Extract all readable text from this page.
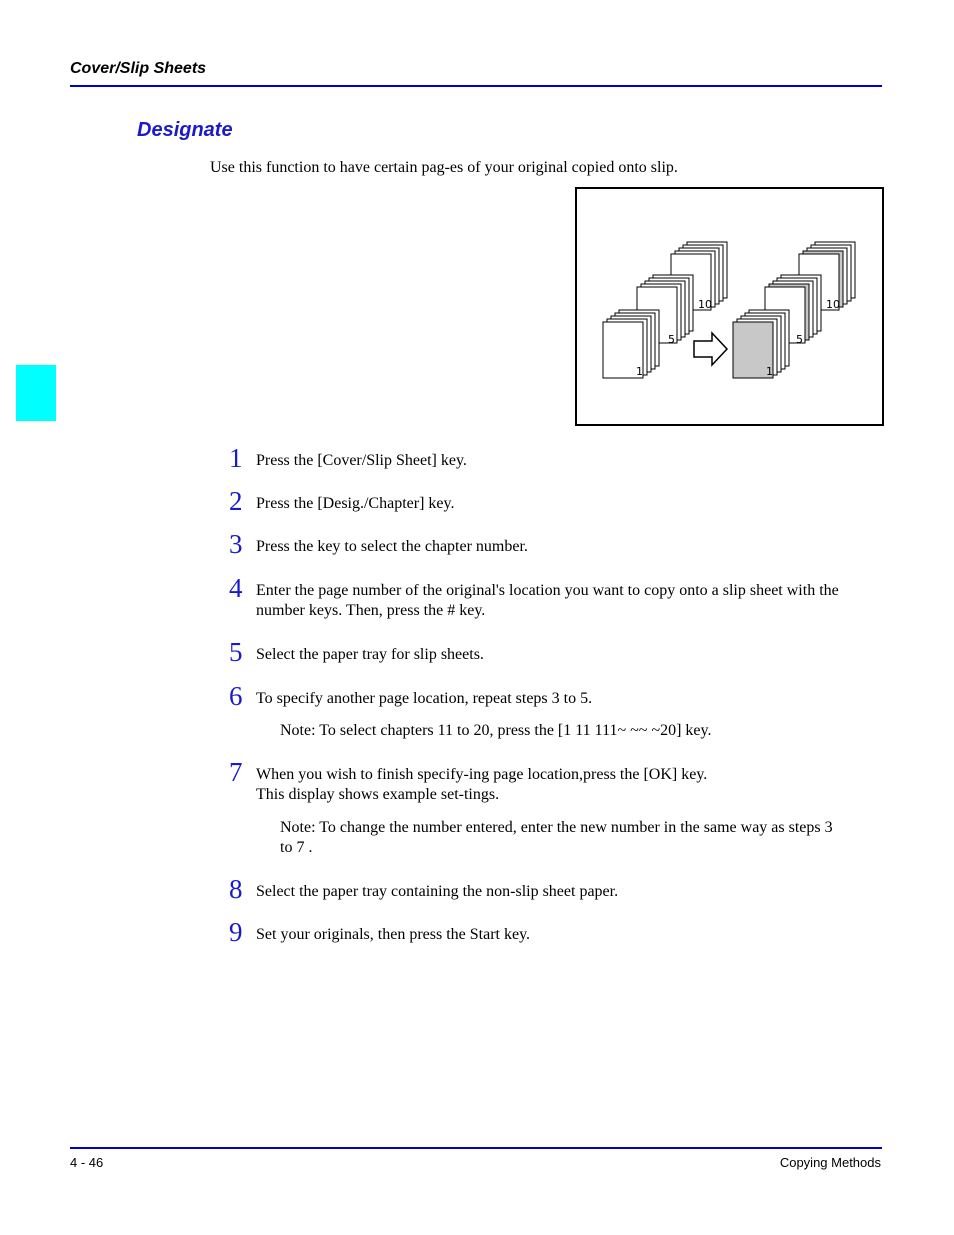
Cover/Slip Sheets
Designate
Use this function to have certain pag-es of your original copied onto slip.
10
5
1
10
5
1
1 Press the [Cover/Slip Sheet] key.
2 Press the [Desig./Chapter] key.
3 Press the key to select the chapter number.
4 Enter the page number of the original's location you want to copy onto a slip sheet with the number keys. Then, press the # key.
5 Select the paper tray for slip sheets.
6 To specify another page location, repeat steps 3 to 5.
Note: To select chapters 11 to 20, press the [1 11 111~ ~~ ~20] key.
7 When you wish to finish specify-ing page location,press the [OK] key.
This display shows example set-tings.
Note: To change the number entered, enter the new number in the same way as steps 3 to 7 .
8 Select the paper tray containing the non-slip sheet paper.
9 Set your originals, then press the Start key.
4 - 46	Copying Methods
